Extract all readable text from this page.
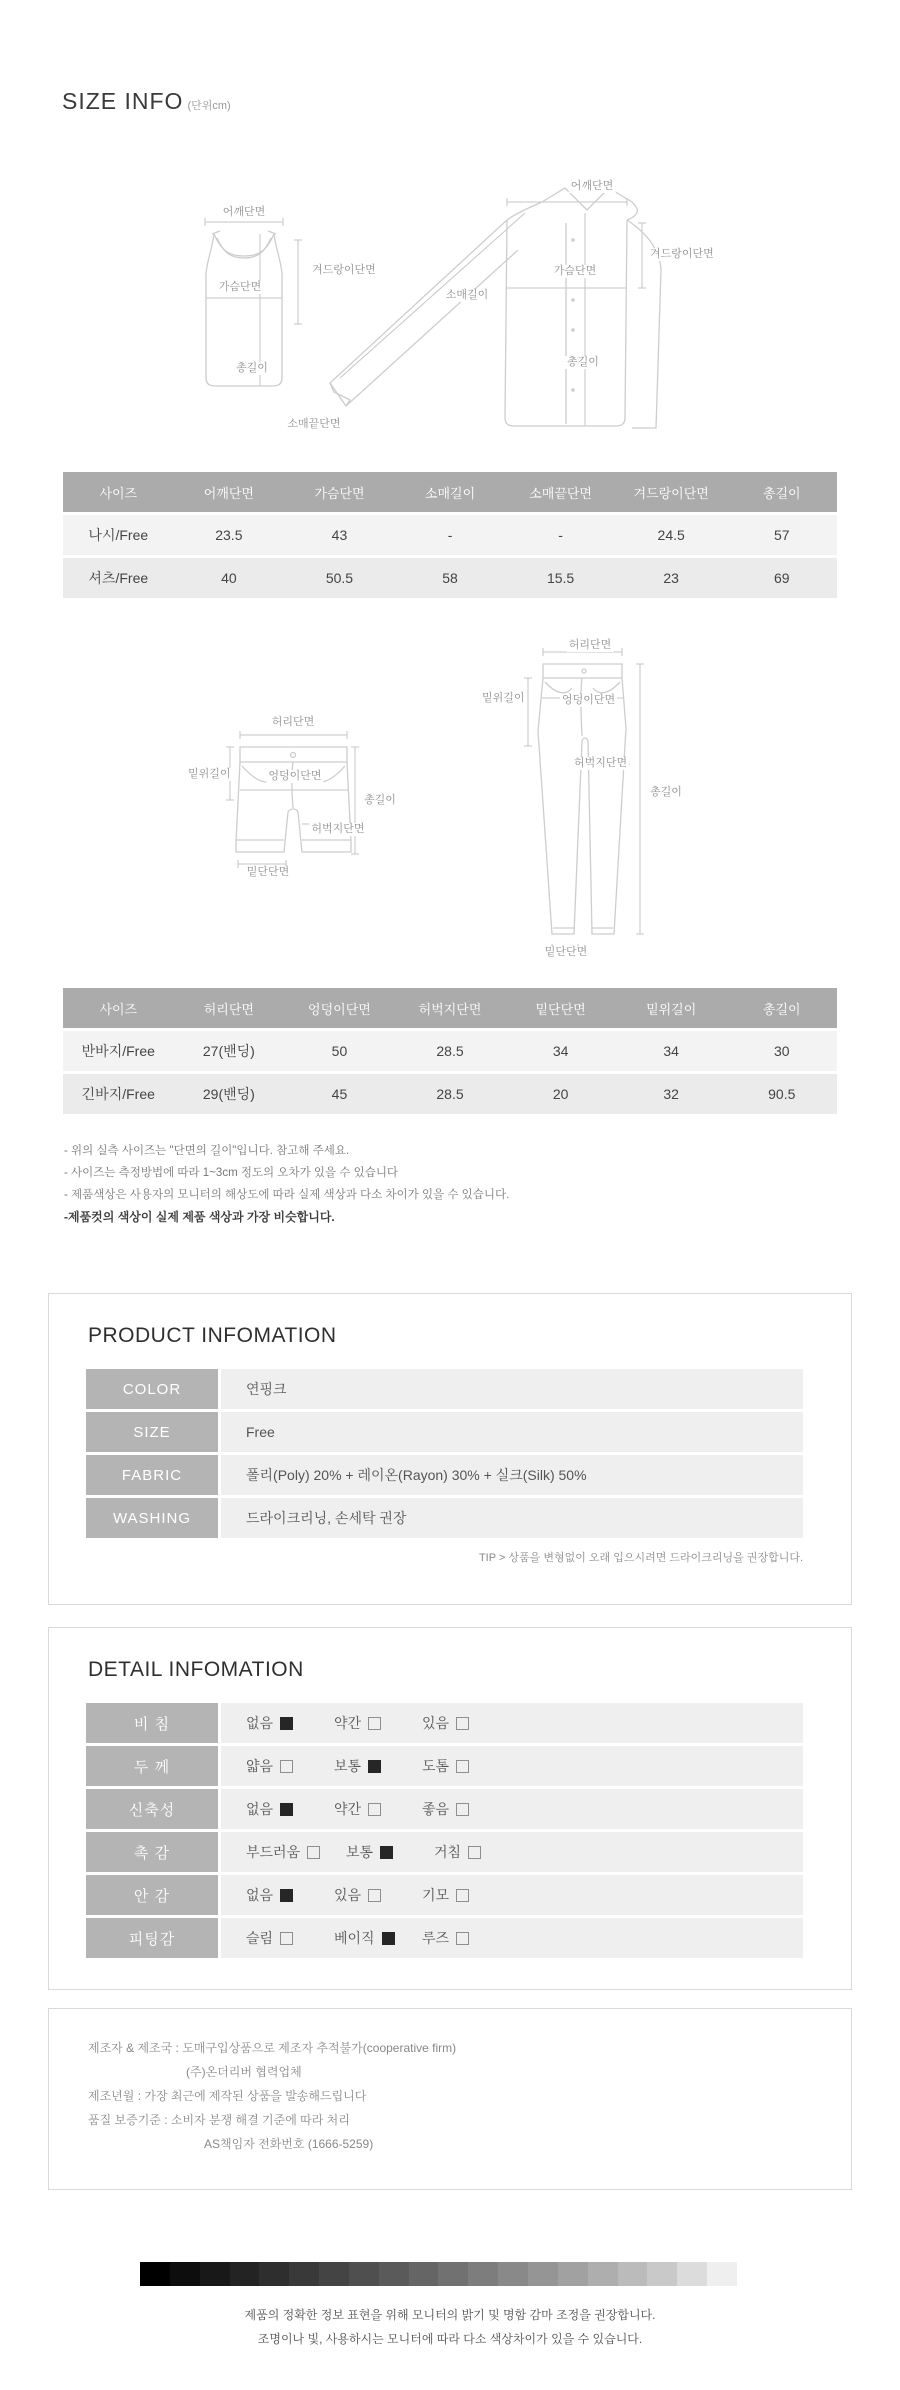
SIZE INFO (단위cm)
어깨단면
겨드랑이단면
가슴단면
총길이
어깨단면
가슴단면
겨드랑이단면
소매길이
소매끝단면
총길이
사이즈	어깨단면	가슴단면	소매길이	소매끝단면	겨드랑이단면	총길이
나시/Free	23.5	43	-	-	24.5	57
셔츠/Free	40	50.5	58	15.5	23	69
허리단면
밑위길이	엉덩이단면
총길이
허벅지단면
밑단단면
허리단면
밑위길이	엉덩이단면
허벅지단면
총길이
밑단단면
사이즈	허리단면	엉덩이단면	허벅지단면	밑단단면	밑위길이	총길이
반바지/Free	27(밴딩)	50	28.5	34	34	30
긴바지/Free	29(밴딩)	45	28.5	20	32	90.5
- 위의 실측 사이즈는 "단면의 길이"입니다. 참고해 주세요.
- 사이즈는 측정방법에 따라 1~3cm 정도의 오차가 있을 수 있습니다
- 제품색상은 사용자의 모니터의 해상도에 따라 실제 색상과 다소 차이가 있을 수 있습니다.
-제품컷의 색상이 실제 제품 색상과 가장 비슷합니다.
PRODUCT INFOMATION
COLOR	연핑크
SIZE	Free
FABRIC	폴리(Poly) 20% + 레이온(Rayon) 30% + 실크(Silk) 50%
WASHING	드라이크리닝, 손세탁 권장
TIP > 상품을 변형없이 오래 입으시려면 드라이크리닝을 권장합니다.
DETAIL INFOMATION
비 침	없음	약간	있음
두 께	얇음	보통	도톰
신축성	없음	약간	좋음
촉 감	부드러움	보통	거침
안 감	없음	있음	기모
피팅감	슬림	베이직	루즈
제조자 & 제조국 : 도매구입상품으로 제조자 추적불가(cooperative firm)
(주)온더리버 협력업체
제조년월 : 가장 최근에 제작된 상품을 발송해드립니다
품질 보증기준 : 소비자 분쟁 해결 기준에 따라 처리
AS책임자 전화번호 (1666-5259)
제품의 정확한 정보 표현을 위해 모니터의 밝기 및 명함 감마 조정을 권장합니다.
조명이나 빛, 사용하시는 모니터에 따라 다소 색상차이가 있을 수 있습니다.
